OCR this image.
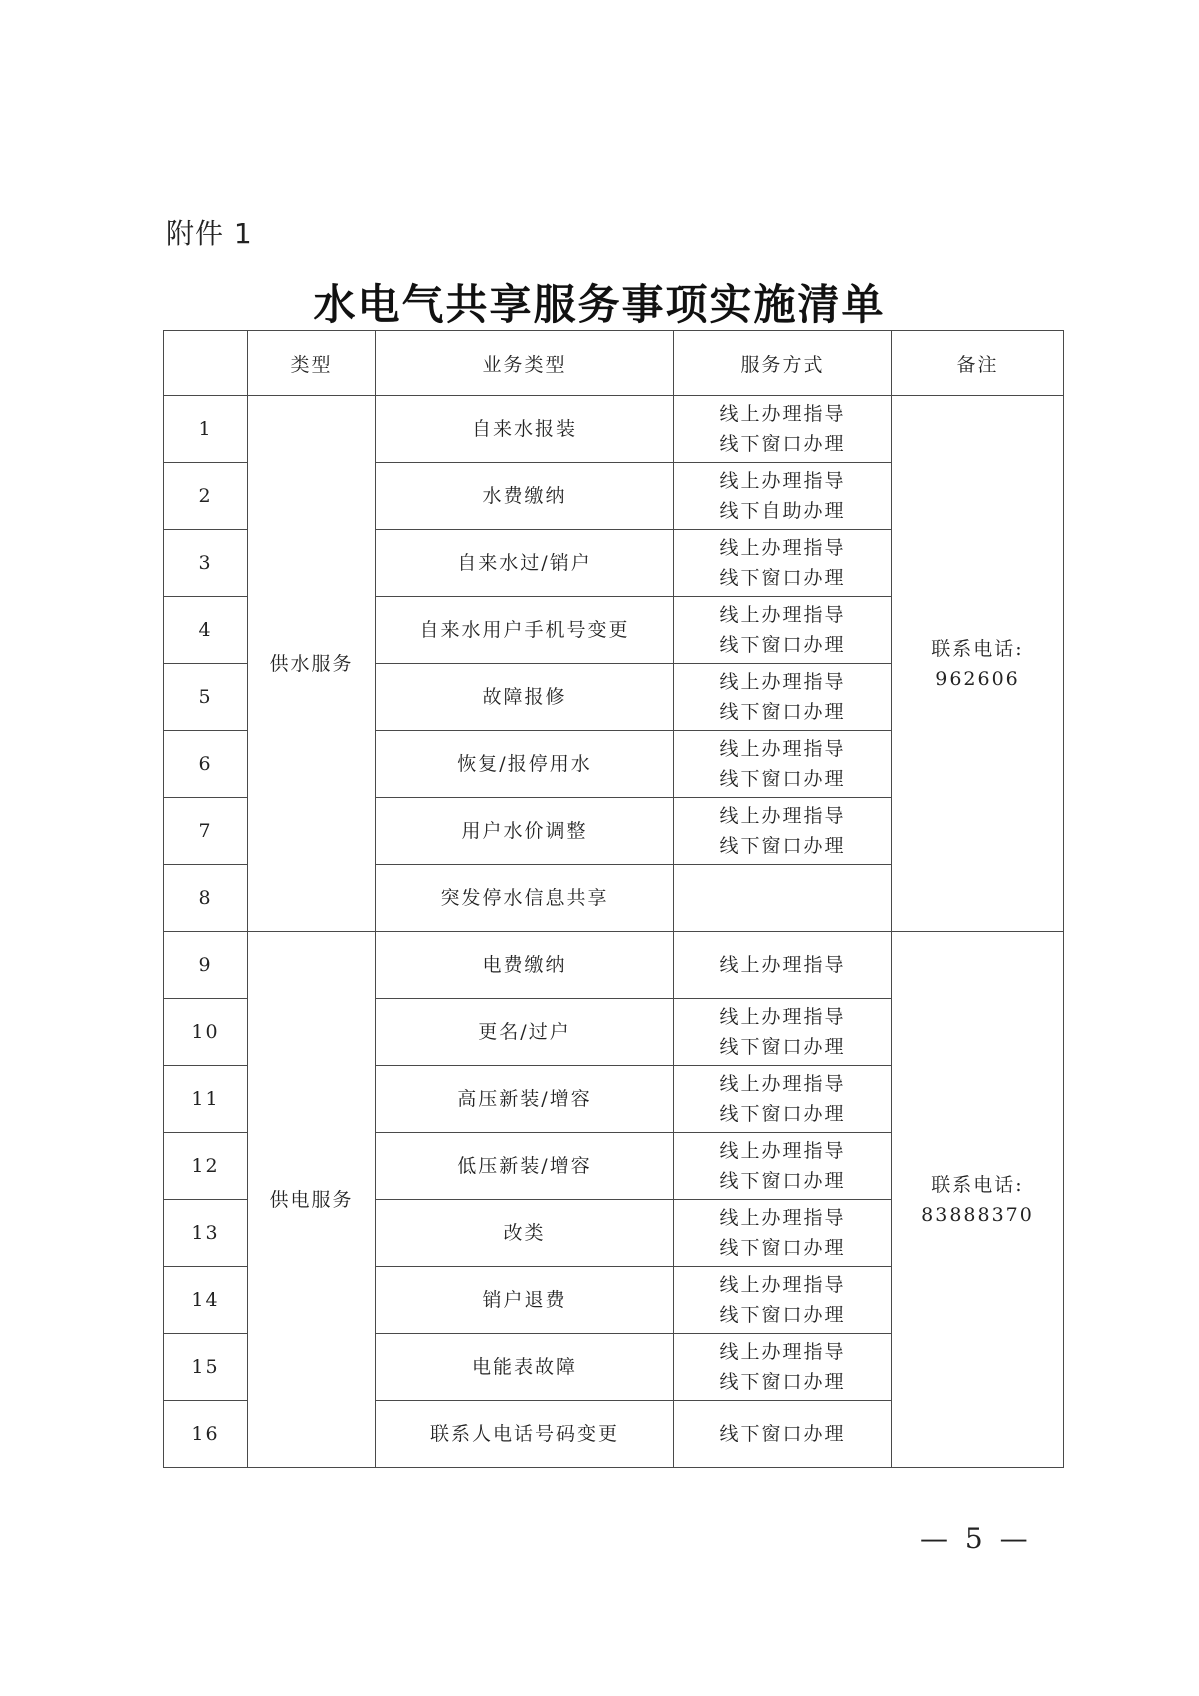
附件 1
水电气共享服务事项实施清单
	类型	业务类型	服务方式	备注
1	供水服务	自来水报装	线上办理指导
线下窗口办理	联系电话:
962606

2		水费缴纳	线上办理指导
线下自助办理	

3		自来水过/销户	线上办理指导
线下窗口办理	

4		自来水用户手机号变更	线上办理指导
线下窗口办理	

5		故障报修	线上办理指导
线下窗口办理	

6		恢复/报停用水	线上办理指导
线下窗口办理	

7		用户水价调整	线上办理指导
线下窗口办理	

8		突发停水信息共享		
9	供电服务	电费缴纳	线上办理指导	联系电话:
83888370

10		更名/过户	线上办理指导
线下窗口办理	

11		高压新装/增容	线上办理指导
线下窗口办理	

12		低压新装/增容	线上办理指导
线下窗口办理	

13		改类	线上办理指导
线下窗口办理	

14		销户退费	线上办理指导
线下窗口办理	

15		电能表故障	线上办理指导
线下窗口办理	

16		联系人电话号码变更	线下窗口办理	
— 5 —
